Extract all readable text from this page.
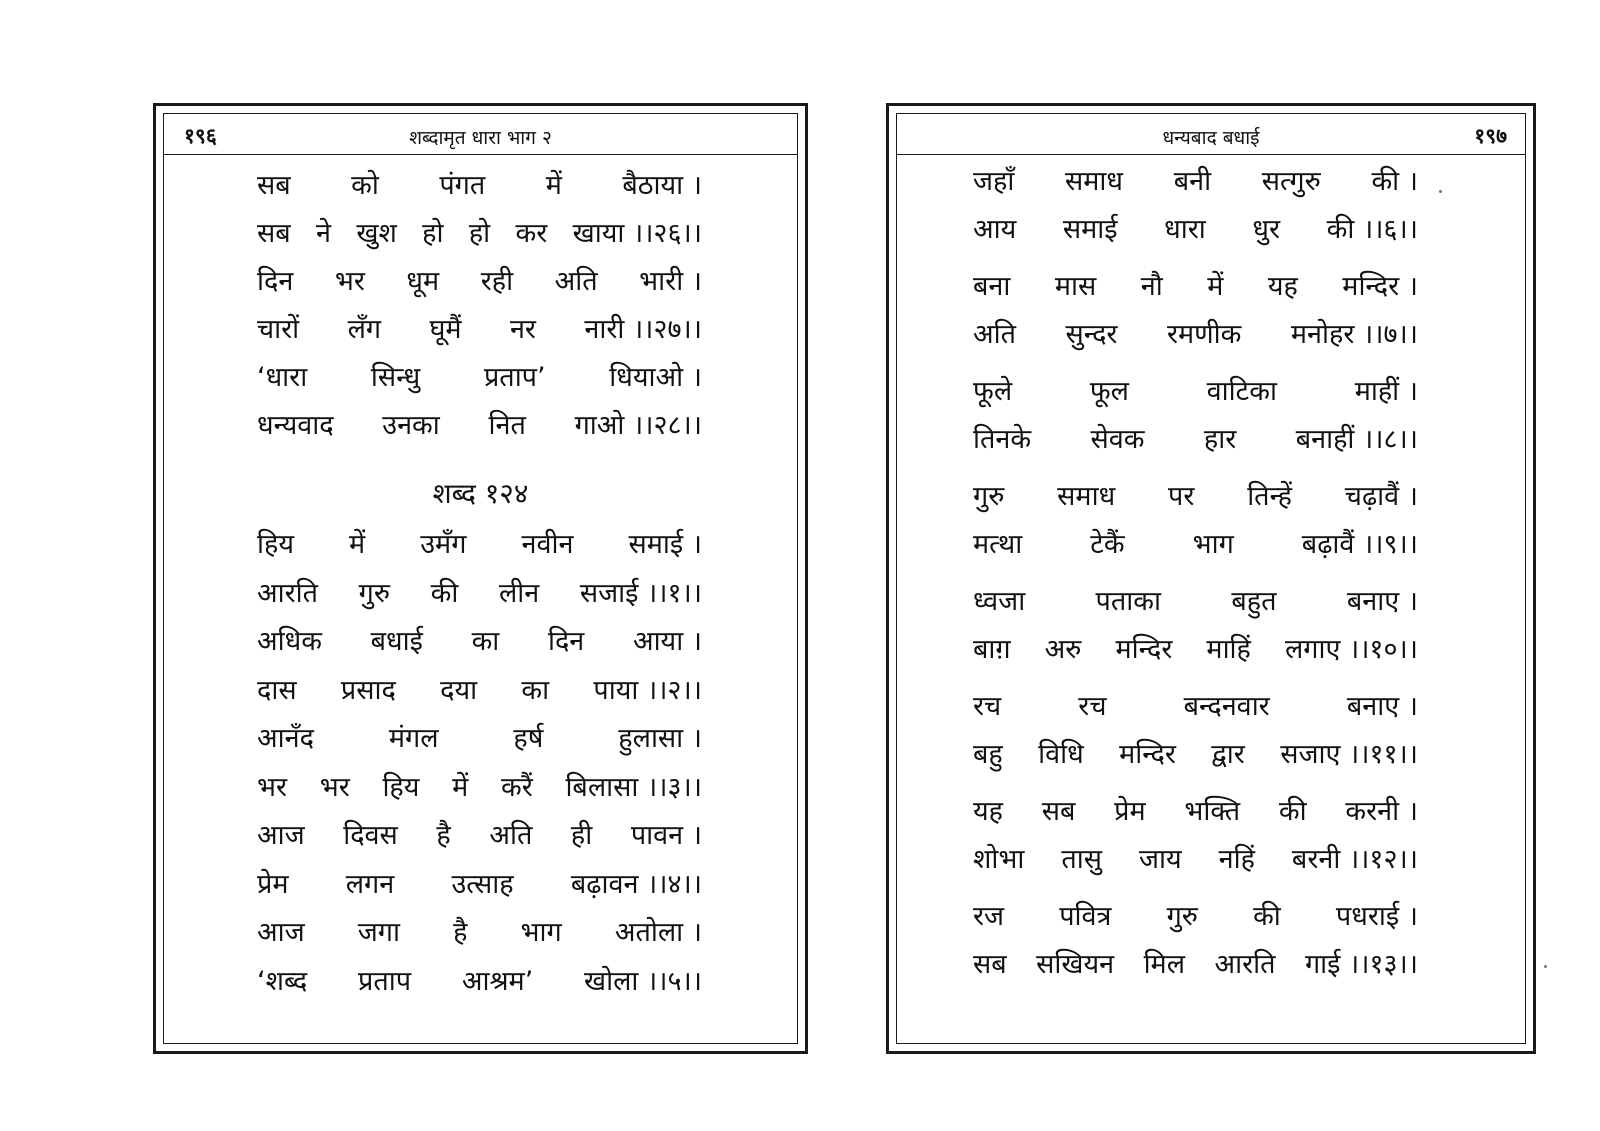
१९६	शब्दामृत धारा भाग २
सब को पंगत में बैठाया ।
सब ने खुश हो हो कर खाया ।।२६।।
दिन भर धूम रही अति भारी ।
चारों लँग घूमैं नर नारी ।।२७।।
‘धारा सिन्धु प्रताप’ धियाओ ।
धन्यवाद उनका नित गाओ ।।२८।।
शब्द १२४
हिय में उमँग नवीन समाई ।
आरति गुरु की लीन सजाई ।।१।।
अधिक बधाई का दिन आया ।
दास प्रसाद दया का पाया ।।२।।
आनँद	मंगल	हर्ष	हुलासा ।
भर भर हिय में करैं बिलासा ।।३।।
आज दिवस है अति ही पावन ।
प्रेम लगन उत्साह बढ़ावन ।।४।।
आज जगा है भाग अतोला ।
‘शब्द प्रताप आश्रम’ खोला ।।५।।
धन्यबाद बधाई	१९७
जहाँ समाध बनी सत्गुरु की ।
आय समाई धारा धुर की ।।६।।
बना मास नौ में यह मन्दिर ।
अति सुन्दर रमणीक मनोहर ।।७।।
फूले	फूल	वाटिका	माहीं ।
तिनके सेवक हार बनाहीं ।।८।।
गुरु समाध पर तिन्हें चढ़ावैं ।
मत्था	टेकैं	भाग	बढ़ावैं ।।९।।
ध्वजा	पताका	बहुत	बनाए ।
बाग़ अरु मन्दिर माहिं लगाए ।।१०।।
रच	रच	बन्दनवार	बनाए ।
बहु विधि मन्दिर द्वार सजाए ।।११।।
यह सब प्रेम भक्ति की करनी ।
शोभा तासु जाय नहिं बरनी ।।१२।।
रज पवित्र गुरु की पधराई ।
सब सखियन मिल आरति गाई ।।१३।।
